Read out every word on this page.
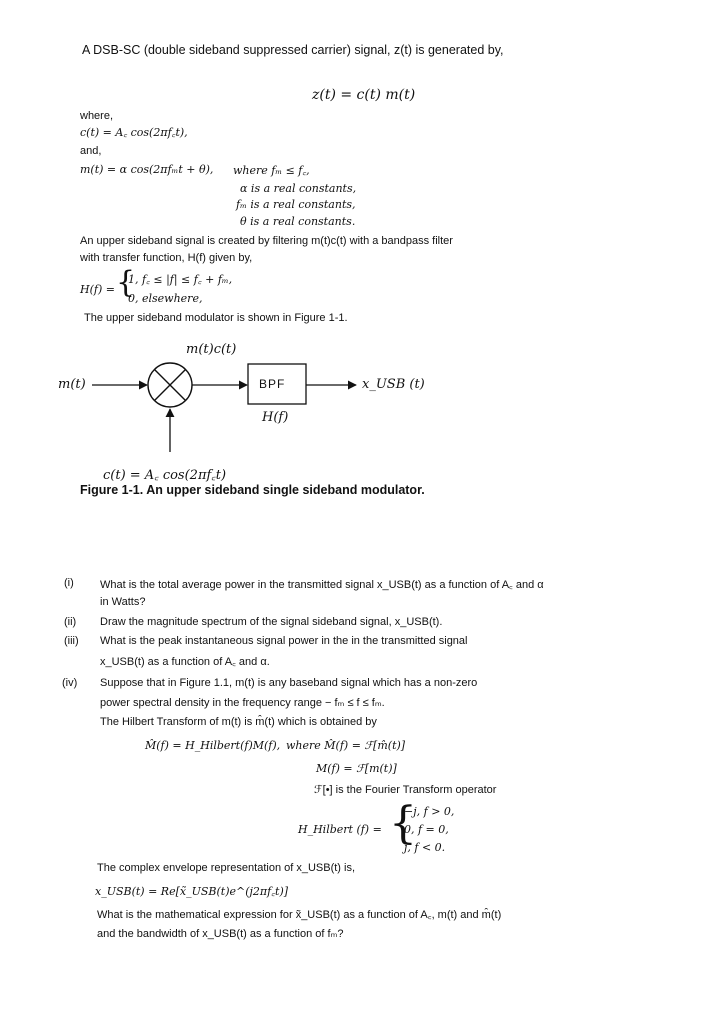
A DSB-SC (double sideband suppressed carrier) signal, z(t) is generated by,
z(t) = c(t) m(t)
where,
c(t) = A꜀ cos(2πf꜀t),
and,
m(t) = α cos(2πfₘt + θ), where fₘ ≤ f꜀,
α is a real constants,
fₘ is a real constants,
θ is a real constants.
An upper sideband signal is created by filtering m(t)c(t) with a bandpass filter
with transfer function, H(f) given by,
H(f) = {
1, f꜀ ≤ |f| ≤ f꜀ + fₘ,
0, elsewhere,
The upper sideband modulator is shown in Figure 1-1.
m(t)
m(t)c(t)
BPF
H(f)
x_USB (t)
c(t) = A꜀ cos(2πf꜀t)
Figure 1-1. An upper sideband single sideband modulator.
(i) What is the total average power in the transmitted signal x_USB(t) as a function of A꜀ and α
in Watts?
(ii) Draw the magnitude spectrum of the signal sideband signal, x_USB(t).
(iii) What is the peak instantaneous signal power in the in the transmitted signal
x_USB(t) as a function of A꜀ and α.
(iv) Suppose that in Figure 1.1, m(t) is any baseband signal which has a non-zero
power spectral density in the frequency range − fₘ ≤ f ≤ fₘ.
The Hilbert Transform of m(t) is m̂(t) which is obtained by
M̂(f) = H_Hilbert(f)M(f), where M̂(f) = ℱ[m̂(t)]
M(f) = ℱ[m(t)]
ℱ[•] is the Fourier Transform operator
H_Hilbert (f) = {
−j, f > 0,
0, f = 0,
j, f < 0.
The complex envelope representation of x_USB(t) is,
x_USB(t) = Re[x̃_USB(t)e^(j2πf꜀t)]
What is the mathematical expression for x̃_USB(t) as a function of A꜀, m(t) and m̂(t)
and the bandwidth of x_USB(t) as a function of fₘ?
